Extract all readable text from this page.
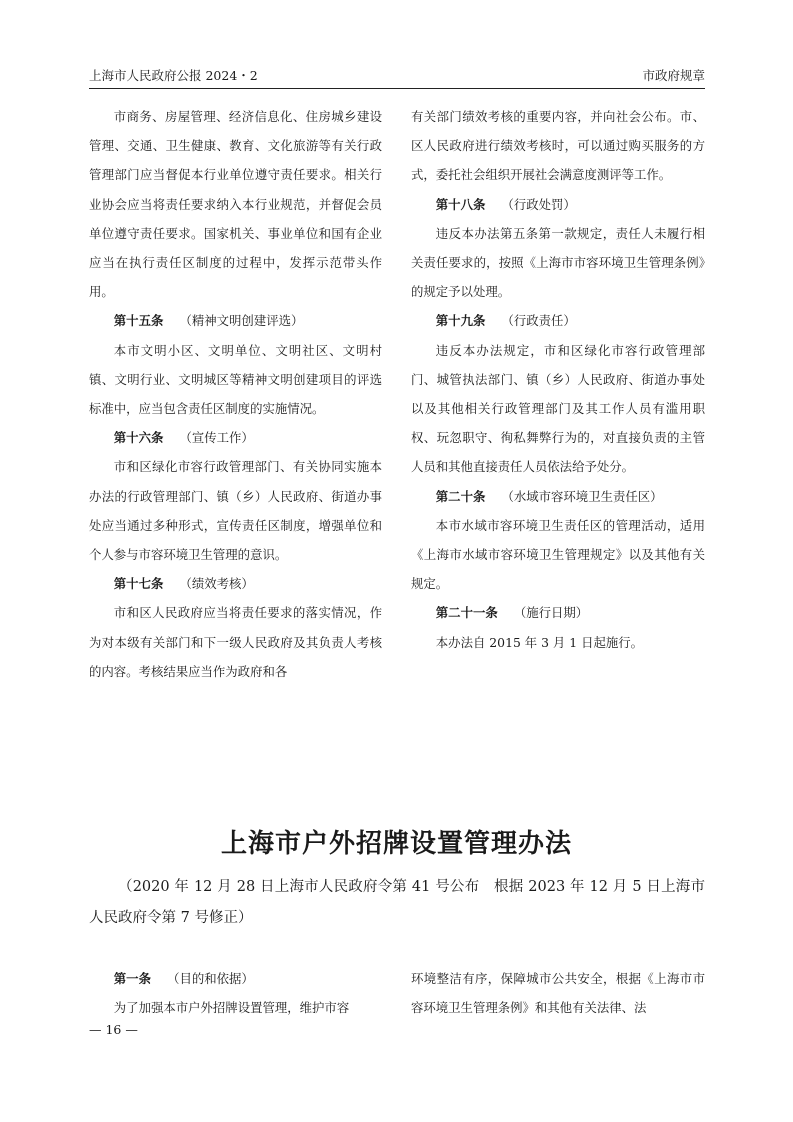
上海市人民政府公报 2024・2	市政府规章

市商务、房屋管理、经济信息化、住房城乡建设管理、交通、卫生健康、教育、文化旅游等有关行政管理部门应当督促本行业单位遵守责任要求。相关行业协会应当将责任要求纳入本行业规范，并督促会员单位遵守责任要求。国家机关、事业单位和国有企业应当在执行责任区制度的过程中，发挥示范带头作用。

第十五条 （精神文明创建评选）

本市文明小区、文明单位、文明社区、文明村镇、文明行业、文明城区等精神文明创建项目的评选标准中，应当包含责任区制度的实施情况。

第十六条 （宣传工作）

市和区绿化市容行政管理部门、有关协同实施本办法的行政管理部门、镇（乡）人民政府、街道办事处应当通过多种形式，宣传责任区制度，增强单位和个人参与市容环境卫生管理的意识。

第十七条 （绩效考核）

市和区人民政府应当将责任要求的落实情况，作为对本级有关部门和下一级人民政府及其负责人考核的内容。考核结果应当作为政府和各

有关部门绩效考核的重要内容，并向社会公布。市、区人民政府进行绩效考核时，可以通过购买服务的方式，委托社会组织开展社会满意度测评等工作。

第十八条 （行政处罚）

违反本办法第五条第一款规定，责任人未履行相关责任要求的，按照《上海市市容环境卫生管理条例》的规定予以处理。

第十九条 （行政责任）

违反本办法规定，市和区绿化市容行政管理部门、城管执法部门、镇（乡）人民政府、街道办事处以及其他相关行政管理部门及其工作人员有滥用职权、玩忽职守、徇私舞弊行为的，对直接负责的主管人员和其他直接责任人员依法给予处分。

第二十条 （水域市容环境卫生责任区）

本市水域市容环境卫生责任区的管理活动，适用《上海市水域市容环境卫生管理规定》以及其他有关规定。

第二十一条 （施行日期）

本办法自 2015 年 3 月 1 日起施行。

上海市户外招牌设置管理办法
（2020 年 12 月 28 日上海市人民政府令第 41 号公布　根据 2023 年 12 月 5 日上海市人民政府令第 7 号修正）

第一条 （目的和依据）

为了加强本市户外招牌设置管理，维护市容

环境整洁有序，保障城市公共安全，根据《上海市市容环境卫生管理条例》和其他有关法律、法

— 16 —
